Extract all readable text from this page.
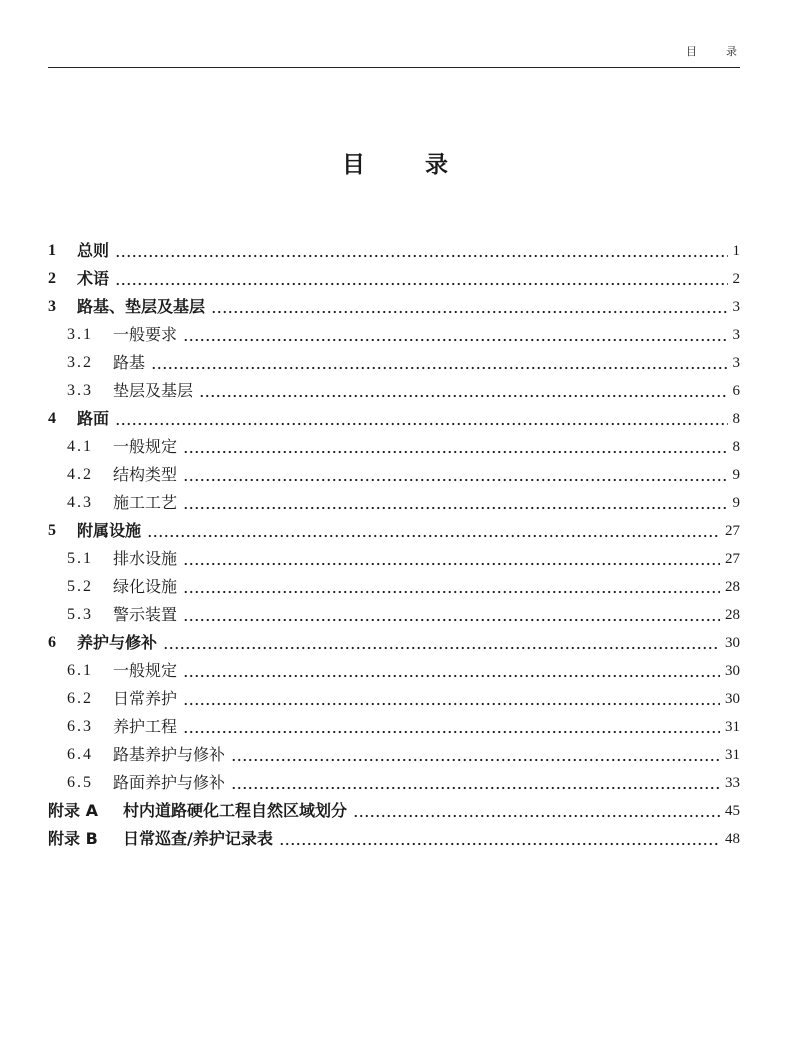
目录
目录
1	总则	1
2	术语	2
3	路基、垫层及基层	3
3.1	一般要求	3
3.2	路基	3
3.3	垫层及基层	6
4	路面	8
4.1	一般规定	8
4.2	结构类型	9
4.3	施工工艺	9
5	附属设施	27
5.1	排水设施	27
5.2	绿化设施	28
5.3	警示装置	28
6	养护与修补	30
6.1	一般规定	30
6.2	日常养护	30
6.3	养护工程	31
6.4	路基养护与修补	31
6.5	路面养护与修补	33
附录 A	村内道路硬化工程自然区域划分	45
附录 B	日常巡查/养护记录表	48
